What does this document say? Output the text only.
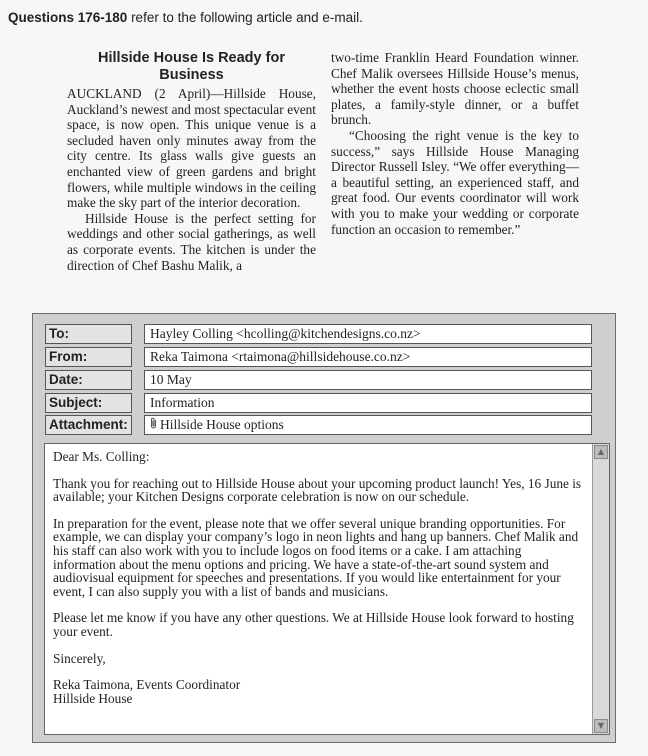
Questions 176-180 refer to the following article and e-mail.
Hillside House Is Ready for Business

AUCKLAND (2 April)—Hillside House, Auckland’s newest and most spectacular event space, is now open. This unique venue is a secluded haven only minutes away from the city centre. Its glass walls give guests an enchanted view of green gardens and bright flowers, while multiple windows in the ceiling make the sky part of the interior decoration.

Hillside House is the perfect setting for weddings and other social gatherings, as well as corporate events. The kitchen is under the direction of Chef Bashu Malik, a

two-time Franklin Heard Foundation winner. Chef Malik oversees Hillside House’s menus, whether the event hosts choose eclectic small plates, a family-style dinner, or a buffet brunch.

“Choosing the right venue is the key to success,” says Hillside House Managing Director Russell Isley. “We offer everything—a beautiful setting, an experienced staff, and great food. Our events coordinator will work with you to make your wedding or corporate function an occasion to remember.”

To:	Hayley Colling <hcolling@kitchendesigns.co.nz>
From:	Reka Taimona <rtaimona@hillsidehouse.co.nz>
Date:	10 May
Subject:	Information
Attachment:	Hillside House options

Dear Ms. Colling:

Thank you for reaching out to Hillside House about your upcoming product launch! Yes, 16 June is available; your Kitchen Designs corporate celebration is now on our schedule.

In preparation for the event, please note that we offer several unique branding opportunities. For example, we can display your company’s logo in neon lights and hang up banners. Chef Malik and his staff can also work with you to include logos on food items or a cake. I am attaching information about the menu options and pricing. We have a state-of-the-art sound system and audiovisual equipment for speeches and presentations. If you would like entertainment for your event, I can also supply you with a list of bands and musicians.

Please let me know if you have any other questions. We at Hillside House look forward to hosting your event.

Sincerely,

Reka Taimona, Events Coordinator

Hillside House

▲
▼
